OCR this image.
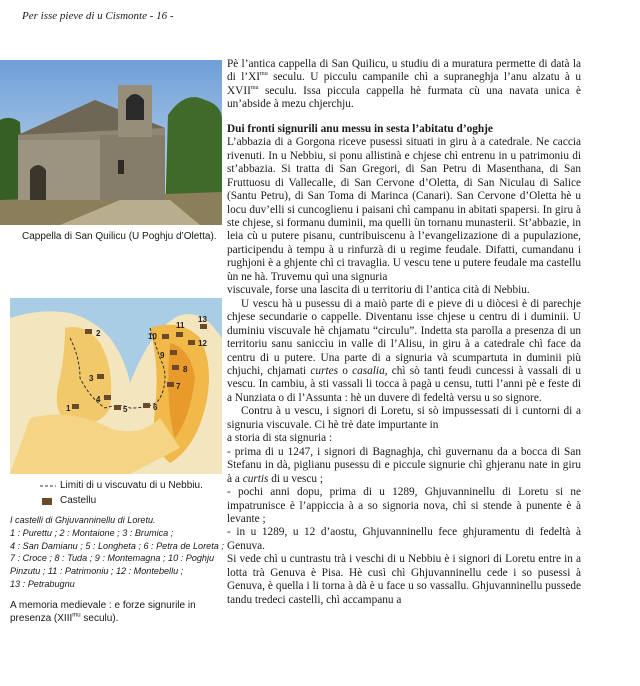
Per isse pieve di u Cismonte - 16 -
Cappella di San Quilicu (U Poghju d’Oletta).
1
2
3
4
5	6
7
8
9
10
11
12
13
Limiti di u viscuvatu di u Nebbiu.
Castellu
I castelli di Ghjuvanninellu di Loretu.
1 : Purettu ; 2 : Montaione ; 3 : Brumica ;
4 : San Damianu ; 5 : Longheta ; 6 : Petra de Loreta ;
7 : Croce ; 8 : Tuda ; 9 : Montemagna ; 10 : Poghju
Pinzutu ; 11 : Patrimoniu ; 12 : Montebellu ;
13 : Petrabugnu
A memoria medievale : e forze signurile in presenza ($XIII^{mu}$ seculu).

Pè l’antica cappella di San Quilicu, u studiu di a muratura permette di datà la di $l’XI^{mu}$ seculu. U picculu campanile chì a supraneghja l’anu alzatu à u $XVII^{mu}$ seculu. Issa piccula cappella hè furmata cù una navata unica è un’abside à mezu chjerchju.

Dui fronti signurili anu messu in sesta l’abitatu d’oghje

L’abbazia di a Gorgona riceve pusessi situati in giru à a catedrale. Ne caccia rivenuti. In u Nebbiu, si ponu allistinà e chjese chì entrenu in u patrimoniu di st’abbazia. Si tratta di San Gregori, di San Petru di Masenthana, di San Fruttuosu di Vallecalle, di San Cervone d’Oletta, di San Niculau di Salice (Santu Petru), di San Toma di Marinca (Canari). San Cervone d’Oletta hè u locu duv’elli si cuncoglienu i paisani chì campanu in abitati spapersi. In giru à ste chjese, si formanu duminii, ma quelli ùn tornanu munasterii. St’abbazie, in leia cù u putere pisanu, cuntribuiscenu à l’evangelizazione di a pupulazione, participendu à tempu à u rinfurzà di u regime feudale. Difatti, cumandanu i rughjoni è a ghjente chì ci travaglia. U vescu tene u putere feudale ma castellu ùn ne hà. Truvemu quì una signuria

viscuvale, forse una lascita di u territoriu di l’antica cità di Nebbiu.

U vescu hà u pusessu di a maiò parte di e pieve di u diòcesi è di parechje chjese secundarie o cappelle. Diventanu isse chjese u centru di i duminii. U duminiu viscuvale hè chjamatu “circulu”. Indetta sta parolla a presenza di un territoriu sanu saniccìu in valle di l’Alisu, in giru à a catedrale chì face da centru di u putere. Una parte di a signuria và scumpartuta in duminii più chjuchi, chjamati curtes o casalia, chì sò tanti feudi cuncessi à vassali di u vescu. In cambiu, à sti vassali li tocca à pagà u censu, tutti l’anni pè e feste di a Nunziata o di l’Assunta : hè un duvere di fedeltà versu u so signore.

Contru à u vescu, i signori di Loretu, si sò impussessati di i cuntorni di a signuria viscuvale. Ci hè trè date impurtante in

a storia di sta signuria :

- prima di u 1247, i signori di Bagnaghja, chì guvernanu da a bocca di San Stefanu in dà, piglianu pusessu di e piccule signurie chì ghjeranu nate in giru à a curtis di u vescu ;

- pochi anni dopu, prima di u 1289, Ghjuvanninellu di Loretu si ne impatrunisce è l’appiccia à a so signoria nova, chì si stende à punente è à levante ;

- in u 1289, u 12 d’aostu, Ghjuvanninellu fece ghjuramentu di fedeltà à Genuva.

Si vede chì u cuntrastu trà i veschi di u Nebbiu è i signori di Loretu entre in a lotta trà Genuva è Pisa. Hè cusì chì Ghjuvanninellu cede i so pusessi à Genuva, è quella i li torna à dà è u face u so vassallu. Ghjuvanninellu pussede tandu tredeci castelli, chì accampanu a
